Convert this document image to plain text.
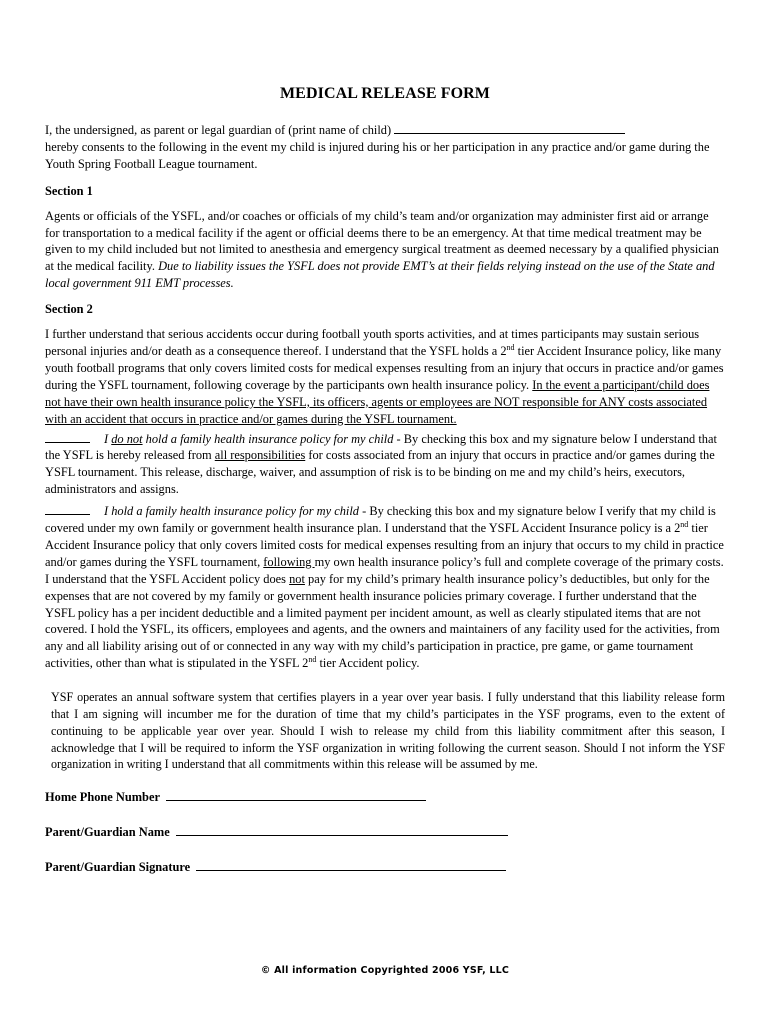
MEDICAL RELEASE FORM

I, the undersigned, as parent or legal guardian of (print name of child)
hereby consents to the following in the event my child is injured during his or her participation in any practice and/or game during the Youth Spring Football League tournament.

Section 1

Agents or officials of the YSFL, and/or coaches or officials of my child’s team and/or organization may administer first aid or arrange for transportation to a medical facility if the agent or official deems there to be an emergency. At that time medical treatment may be given to my child included but not limited to anesthesia and emergency surgical treatment as deemed necessary by a qualified physician at the medical facility. Due to liability issues the YSFL does not provide EMT’s at their fields relying instead on the use of the State and local government 911 EMT processes.

Section 2

I further understand that serious accidents occur during football youth sports activities, and at times participants may sustain serious personal injuries and/or death as a consequence thereof. I understand that the YSFL holds a 2nd tier Accident Insurance policy, like many youth football programs that only covers limited costs for medical expenses resulting from an injury that occurs in practice and/or games during the YSFL tournament, following coverage by the participants own health insurance policy. In the event a participant/child does not have their own health insurance policy the YSFL, its officers, agents or employees are NOT responsible for ANY costs associated with an accident that occurs in practice and/or games during the YSFL tournament.

I do not hold a family health insurance policy for my child - By checking this box and my signature below I understand that the YSFL is hereby released from all responsibilities for costs associated from an injury that occurs in practice and/or games during the YSFL tournament. This release, discharge, waiver, and assumption of risk is to be binding on me and my child’s heirs, executors, administrators and assigns.

I hold a family health insurance policy for my child - By checking this box and my signature below I verify that my child is covered under my own family or government health insurance plan. I understand that the YSFL Accident Insurance policy is a 2nd tier Accident Insurance policy that only covers limited costs for medical expenses resulting from an injury that occurs to my child in practice and/or games during the YSFL tournament, following my own health insurance policy’s full and complete coverage of the primary costs. I understand that the YSFL Accident policy does not pay for my child’s primary health insurance policy’s deductibles, but only for the expenses that are not covered by my family or government health insurance policies primary coverage. I further understand that the YSFL policy has a per incident deductible and a limited payment per incident amount, as well as clearly stipulated items that are not covered. I hold the YSFL, its officers, employees and agents, and the owners and maintainers of any facility used for the activities, from any and all liability arising out of or connected in any way with my child’s participation in practice, pre game, or game tournament activities, other than what is stipulated in the YSFL 2nd tier Accident policy.

YSF operates an annual software system that certifies players in a year over year basis. I fully understand that this liability release form that I am signing will incumber me for the duration of time that my child’s participates in the YSF programs, even to the extent of continuing to be applicable year over year. Should I wish to release my child from this liability commitment after this season, I acknowledge that I will be required to inform the YSF organization in writing following the current season. Should I not inform the YSF organization in writing I understand that all commitments within this release will be assumed by me.

Home Phone Number
Parent/Guardian Name
Parent/Guardian Signature
© All information Copyrighted 2006 YSF, LLC
